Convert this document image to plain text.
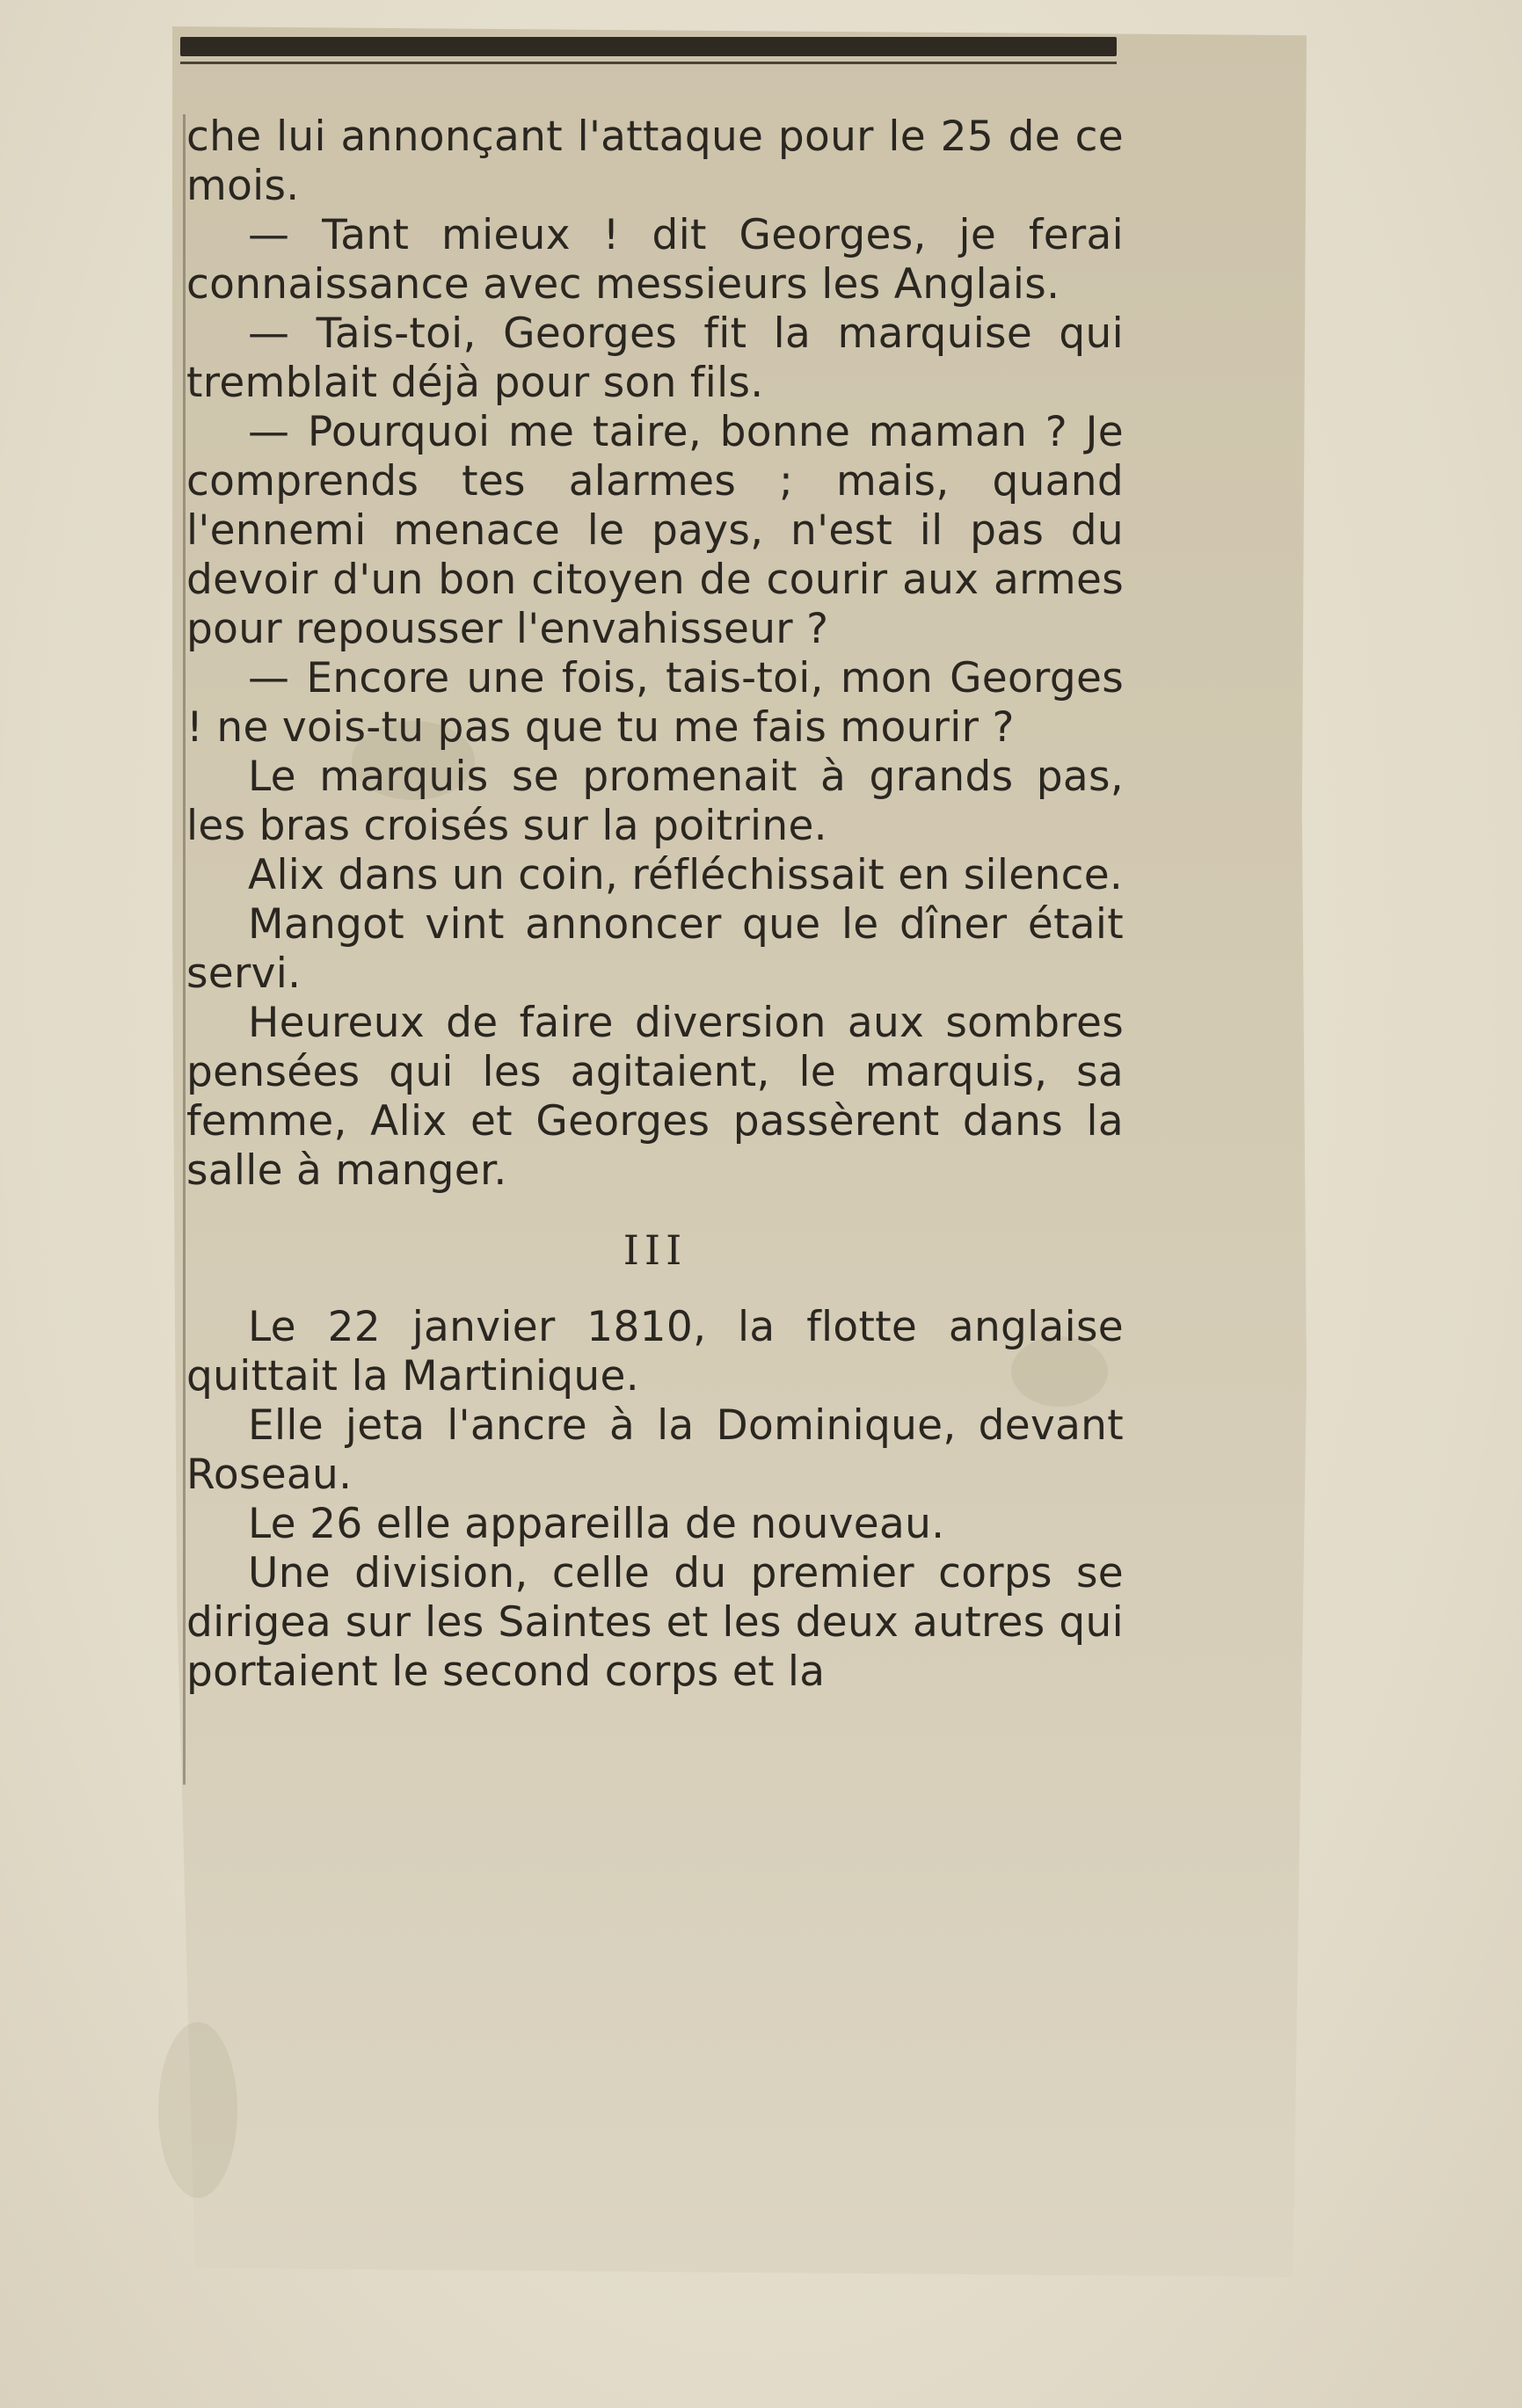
che lui annonçant l'attaque pour le 25 de ce mois.

— Tant mieux ! dit Georges, je ferai connaissance avec messieurs les Anglais.

— Tais-toi, Georges fit la marquise qui tremblait déjà pour son fils.

— Pourquoi me taire, bonne maman ? Je comprends tes alarmes ; mais, quand l'ennemi menace le pays, n'est il pas du devoir d'un bon citoyen de courir aux armes pour repousser l'envahisseur ?

— Encore une fois, tais-toi, mon Georges ! ne vois-tu pas que tu me fais mourir ?

Le marquis se promenait à grands pas, les bras croisés sur la poitrine.

Alix dans un coin, réfléchissait en silence.

Mangot vint annoncer que le dîner était servi.

Heureux de faire diversion aux sombres pensées qui les agitaient, le marquis, sa femme, Alix et Georges passèrent dans la salle à manger.

III

Le 22 janvier 1810, la flotte anglaise quittait la Martinique.

Elle jeta l'ancre à la Dominique, devant Roseau.

Le 26 elle appareilla de nouveau.

Une division, celle du premier corps se dirigea sur les Saintes et les deux autres qui portaient le second corps et la
